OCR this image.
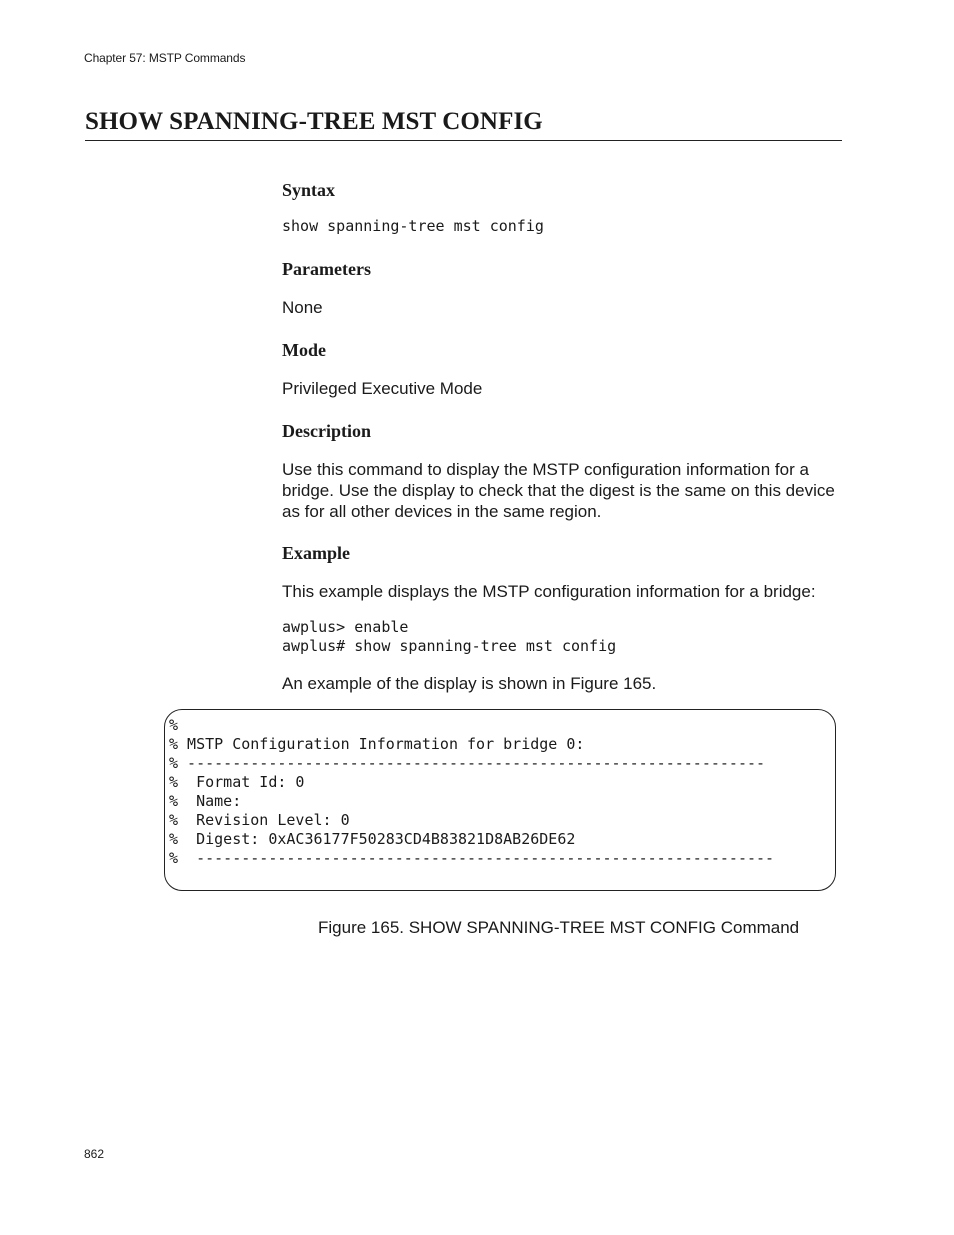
Chapter 57: MSTP Commands
SHOW SPANNING-TREE MST CONFIG
Syntax
show spanning-tree mst config
Parameters
None
Mode
Privileged Executive Mode
Description
Use this command to display the MSTP configuration information for a bridge. Use the display to check that the digest is the same on this device as for all other devices in the same region.
Example
This example displays the MSTP configuration information for a bridge:
awplus> enable
awplus# show spanning-tree mst config
An example of the display is shown in Figure 165.
%
% MSTP Configuration Information for bridge 0:
% ----------------------------------------------------------------
%  Format Id: 0
%  Name:
%  Revision Level: 0
%  Digest: 0xAC36177F50283CD4B83821D8AB26DE62
%  ----------------------------------------------------------------
Figure 165. SHOW SPANNING-TREE MST CONFIG Command
862
